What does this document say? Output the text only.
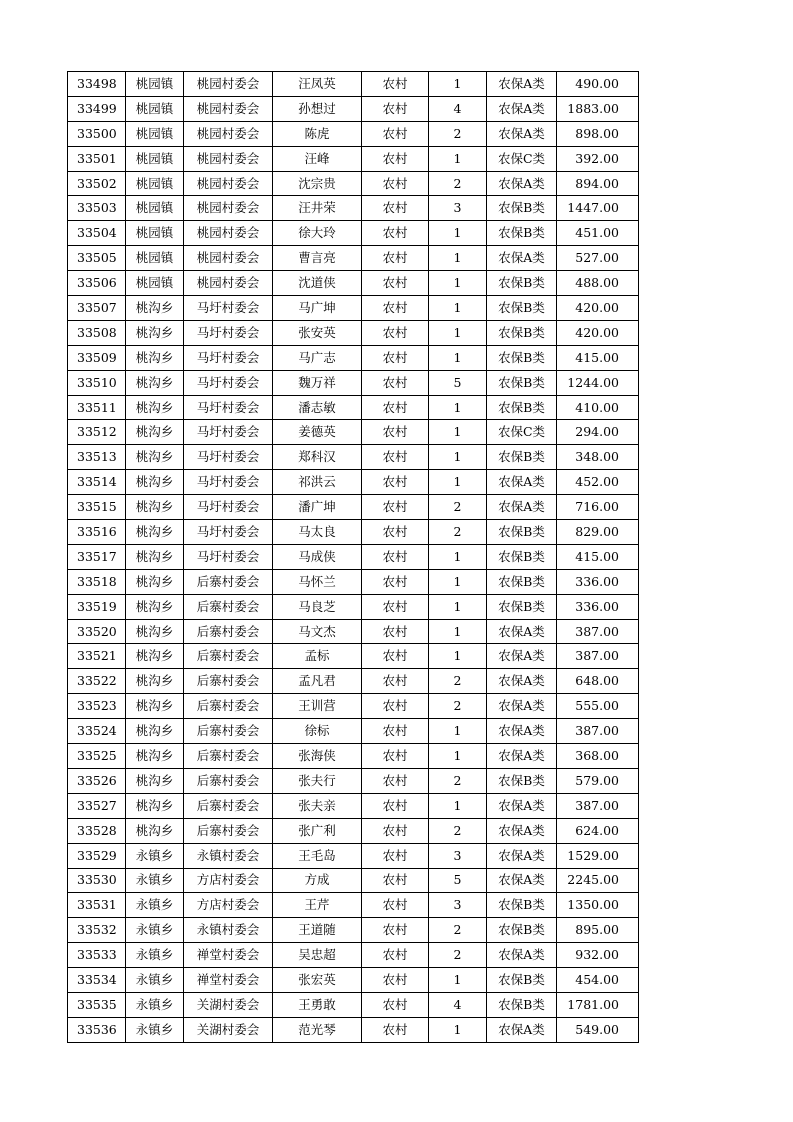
33498	桃园镇	桃园村委会	汪凤英	农村	1	农保A类	490.00
33499	桃园镇	桃园村委会	孙想过	农村	4	农保A类	1883.00
33500	桃园镇	桃园村委会	陈虎	农村	2	农保A类	898.00
33501	桃园镇	桃园村委会	汪峰	农村	1	农保C类	392.00
33502	桃园镇	桃园村委会	沈宗贵	农村	2	农保A类	894.00
33503	桃园镇	桃园村委会	汪井荣	农村	3	农保B类	1447.00
33504	桃园镇	桃园村委会	徐大玲	农村	1	农保B类	451.00
33505	桃园镇	桃园村委会	曹言亮	农村	1	农保A类	527.00
33506	桃园镇	桃园村委会	沈道侠	农村	1	农保B类	488.00
33507	桃沟乡	马圩村委会	马广坤	农村	1	农保B类	420.00
33508	桃沟乡	马圩村委会	张安英	农村	1	农保B类	420.00
33509	桃沟乡	马圩村委会	马广志	农村	1	农保B类	415.00
33510	桃沟乡	马圩村委会	魏万祥	农村	5	农保B类	1244.00
33511	桃沟乡	马圩村委会	潘志敏	农村	1	农保B类	410.00
33512	桃沟乡	马圩村委会	姜德英	农村	1	农保C类	294.00
33513	桃沟乡	马圩村委会	郑科汉	农村	1	农保B类	348.00
33514	桃沟乡	马圩村委会	祁洪云	农村	1	农保A类	452.00
33515	桃沟乡	马圩村委会	潘广坤	农村	2	农保A类	716.00
33516	桃沟乡	马圩村委会	马太良	农村	2	农保B类	829.00
33517	桃沟乡	马圩村委会	马成侠	农村	1	农保B类	415.00
33518	桃沟乡	后寨村委会	马怀兰	农村	1	农保B类	336.00
33519	桃沟乡	后寨村委会	马良芝	农村	1	农保B类	336.00
33520	桃沟乡	后寨村委会	马文杰	农村	1	农保A类	387.00
33521	桃沟乡	后寨村委会	孟标	农村	1	农保A类	387.00
33522	桃沟乡	后寨村委会	孟凡君	农村	2	农保A类	648.00
33523	桃沟乡	后寨村委会	王训营	农村	2	农保A类	555.00
33524	桃沟乡	后寨村委会	徐标	农村	1	农保A类	387.00
33525	桃沟乡	后寨村委会	张海侠	农村	1	农保A类	368.00
33526	桃沟乡	后寨村委会	张夫行	农村	2	农保B类	579.00
33527	桃沟乡	后寨村委会	张夫亲	农村	1	农保A类	387.00
33528	桃沟乡	后寨村委会	张广利	农村	2	农保A类	624.00
33529	永镇乡	永镇村委会	王毛岛	农村	3	农保A类	1529.00
33530	永镇乡	方店村委会	方成	农村	5	农保A类	2245.00
33531	永镇乡	方店村委会	王芹	农村	3	农保B类	1350.00
33532	永镇乡	永镇村委会	王道随	农村	2	农保B类	895.00
33533	永镇乡	禅堂村委会	吴忠超	农村	2	农保A类	932.00
33534	永镇乡	禅堂村委会	张宏英	农村	1	农保B类	454.00
33535	永镇乡	关湖村委会	王勇敢	农村	4	农保B类	1781.00
33536	永镇乡	关湖村委会	范光琴	农村	1	农保A类	549.00
